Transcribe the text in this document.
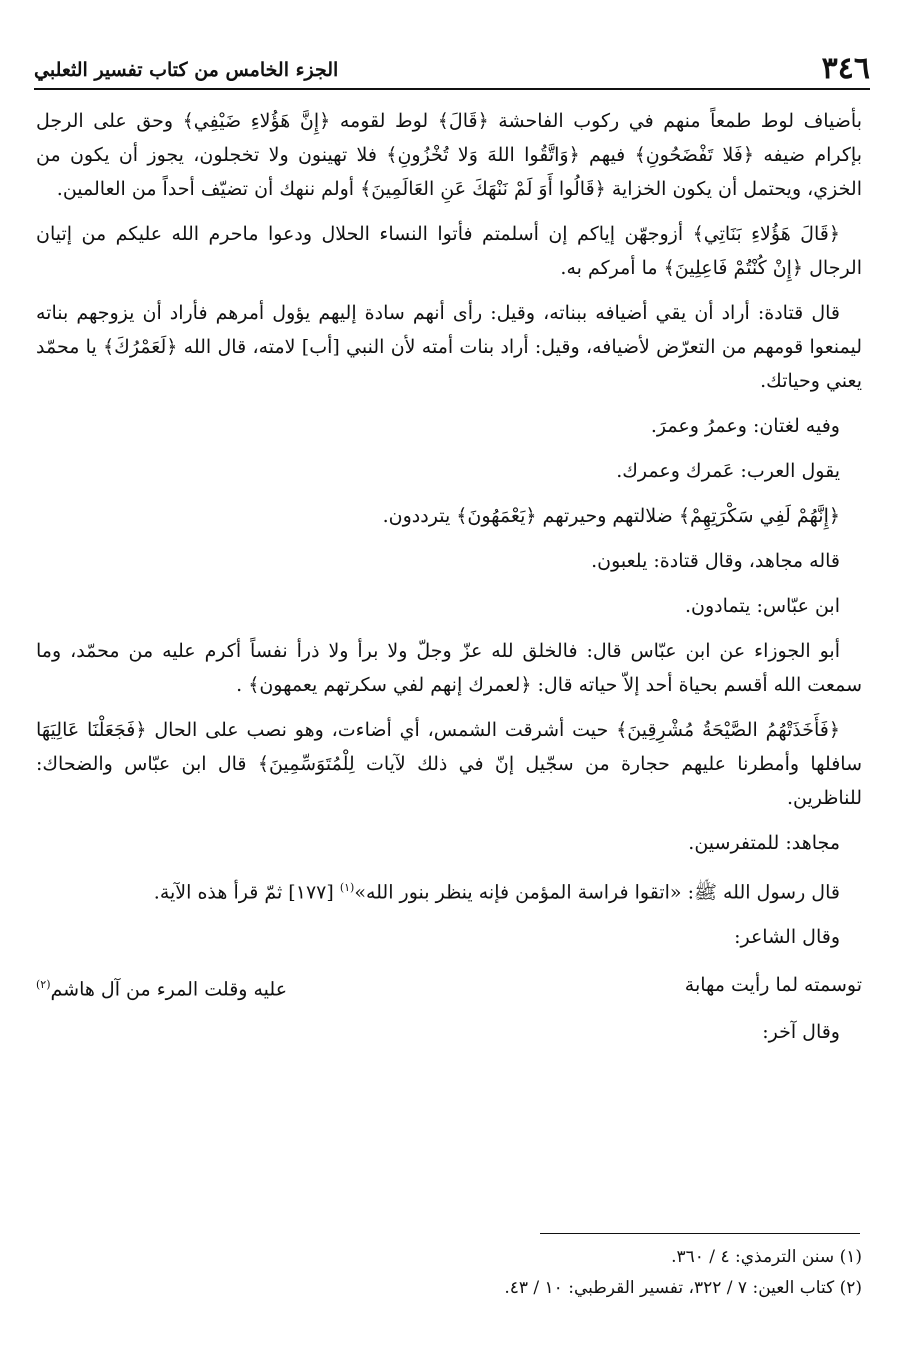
٣٤٦
الجزء الخامس من كتاب تفسير الثعلبي

بأضياف لوط طمعاً منهم في ركوب الفاحشة ﴿قَالَ﴾ لوط لقومه ﴿إِنَّ هَؤُلاءِ ضَيْفِي﴾ وحق على الرجل بإكرام ضيفه ﴿فَلا تَفْضَحُونِ﴾ فيهم ﴿وَاتَّقُوا اللهَ وَلا تُخْزُونِ﴾ فلا تهينون ولا تخجلون، يجوز أن يكون من الخزي، ويحتمل أن يكون الخزاية ﴿قَالُوا أَوَ لَمْ نَنْهَكَ عَنِ العَالَمِينَ﴾ أولم ننهك أن تضيّف أحداً من العالمين.

﴿قَالَ هَؤُلاءِ بَنَاتِي﴾ أزوجهّن إياكم إن أسلمتم فأتوا النساء الحلال ودعوا ماحرم الله عليكم من إتيان الرجال ﴿إِنْ كُنْتُمْ فَاعِلِينَ﴾ ما أمركم به.

قال قتادة: أراد أن يقي أضيافه ببناته، وقيل: رأى أنهم سادة إليهم يؤول أمرهم فأراد أن يزوجهم بناته ليمنعوا قومهم من التعرّض لأضيافه، وقيل: أراد بنات أمته لأن النبي [أب] لامته، قال الله ﴿لَعَمْرُكَ﴾ يا محمّد يعني وحياتك.

وفيه لغتان: وعمرُ وعمرَ.

يقول العرب: عَمرك وعمرك.

﴿إِنَّهُمْ لَفِي سَكْرَتِهِمْ﴾ ضلالتهم وحيرتهم ﴿يَعْمَهُونَ﴾ يترددون.

قاله مجاهد، وقال قتادة: يلعبون.

ابن عبّاس: يتمادون.

أبو الجوزاء عن ابن عبّاس قال: فالخلق لله عزّ وجلّ ولا برأ ولا ذرأ نفساً أكرم عليه من محمّد، وما سمعت الله أقسم بحياة أحد إلاّ حياته قال: ﴿لعمرك إنهم لفي سكرتهم يعمهون﴾ .

﴿فَأَخَذَتْهُمُ الصَّيْحَةُ مُشْرِقِينَ﴾ حيت أشرقت الشمس، أي أضاءت، وهو نصب على الحال ﴿فَجَعَلْنَا عَالِيَهَا سافلها وأمطرنا عليهم حجارة من سجّيل إنّ في ذلك لآيات لِلْمُتَوَسِّمِينَ﴾ قال ابن عبّاس والضحاك: للناظرين.

مجاهد: للمتفرسين.

قال رسول الله ﷺ: «اتقوا فراسة المؤمن فإنه ينظر بنور الله»$^{(١)}$ [١٧٧] ثمّ قرأ هذه الآية.

وقال الشاعر:

توسمته لما رأيت مهابة
عليه وقلت المرء من آل هاشم$^{(٢)}$

وقال آخر:

(١) سنن الترمذي: ٤ / ٣٦٠.
(٢) كتاب العين: ٧ / ٣٢٢، تفسير القرطبي: ١٠ / ٤٣.
